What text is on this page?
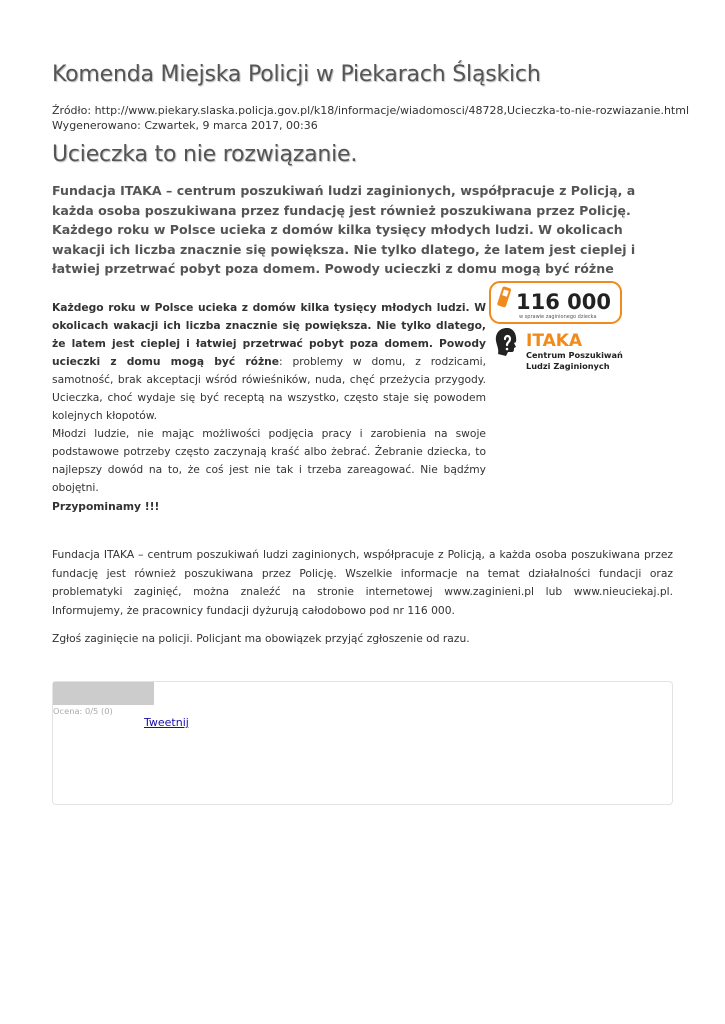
Komenda Miejska Policji w Piekarach Śląskich
Źródło: http://www.piekary.slaska.policja.gov.pl/k18/informacje/wiadomosci/48728,Ucieczka-to-nie-rozwiazanie.html
Wygenerowano: Czwartek, 9 marca 2017, 00:36
Ucieczka to nie rozwiązanie.

Fundacja ITAKA – centrum poszukiwań ludzi zaginionych, współpracuje z Policją, a każda osoba poszukiwana przez fundację jest również poszukiwana przez Policję. Każdego roku w Polsce ucieka z domów kilka tysięcy młodych ludzi. W okolicach wakacji ich liczba znacznie się powiększa. Nie tylko dlatego, że latem jest cieplej i łatwiej przetrwać pobyt poza domem. Powody ucieczki z domu mogą być różne

Każdego roku w Polsce ucieka z domów kilka tysięcy młodych ludzi. W okolicach wakacji ich liczba znacznie się powiększa. Nie tylko dlatego, że latem jest cieplej i łatwiej przetrwać pobyt poza domem. Powody ucieczki z domu mogą być różne: problemy w domu, z rodzicami, samotność, brak akceptacji wśród rówieśników, nuda, chęć przeżycia przygody. Ucieczka, choć wydaje się być receptą na wszystko, często staje się powodem kolejnych kłopotów.

Młodzi ludzie, nie mając możliwości podjęcia pracy i zarobienia na swoje podstawowe potrzeby często zaczynają kraść albo żebrać. Żebranie dziecka, to najlepszy dowód na to, że coś jest nie tak i trzeba zareagować. Nie bądźmy obojętni.

116 000
w sprawie zaginionego dziecka
ITAKA
Centrum Poszukiwań
Ludzi Zaginionych
Przypominamy !!!

Fundacja ITAKA – centrum poszukiwań ludzi zaginionych, współpracuje z Policją, a każda osoba poszukiwana przez fundację jest również poszukiwana przez Policję. Wszelkie informacje na temat działalności fundacji oraz problematyki zaginięć, można znaleźć na stronie internetowej www.zaginieni.pl lub www.nieuciekaj.pl. Informujemy, że pracownicy fundacji dyżurują całodobowo pod nr 116 000.

Zgłoś zaginięcie na policji. Policjant ma obowiązek przyjąć zgłoszenie od razu.

Ocena: 0/5 (0)
Tweetnij
